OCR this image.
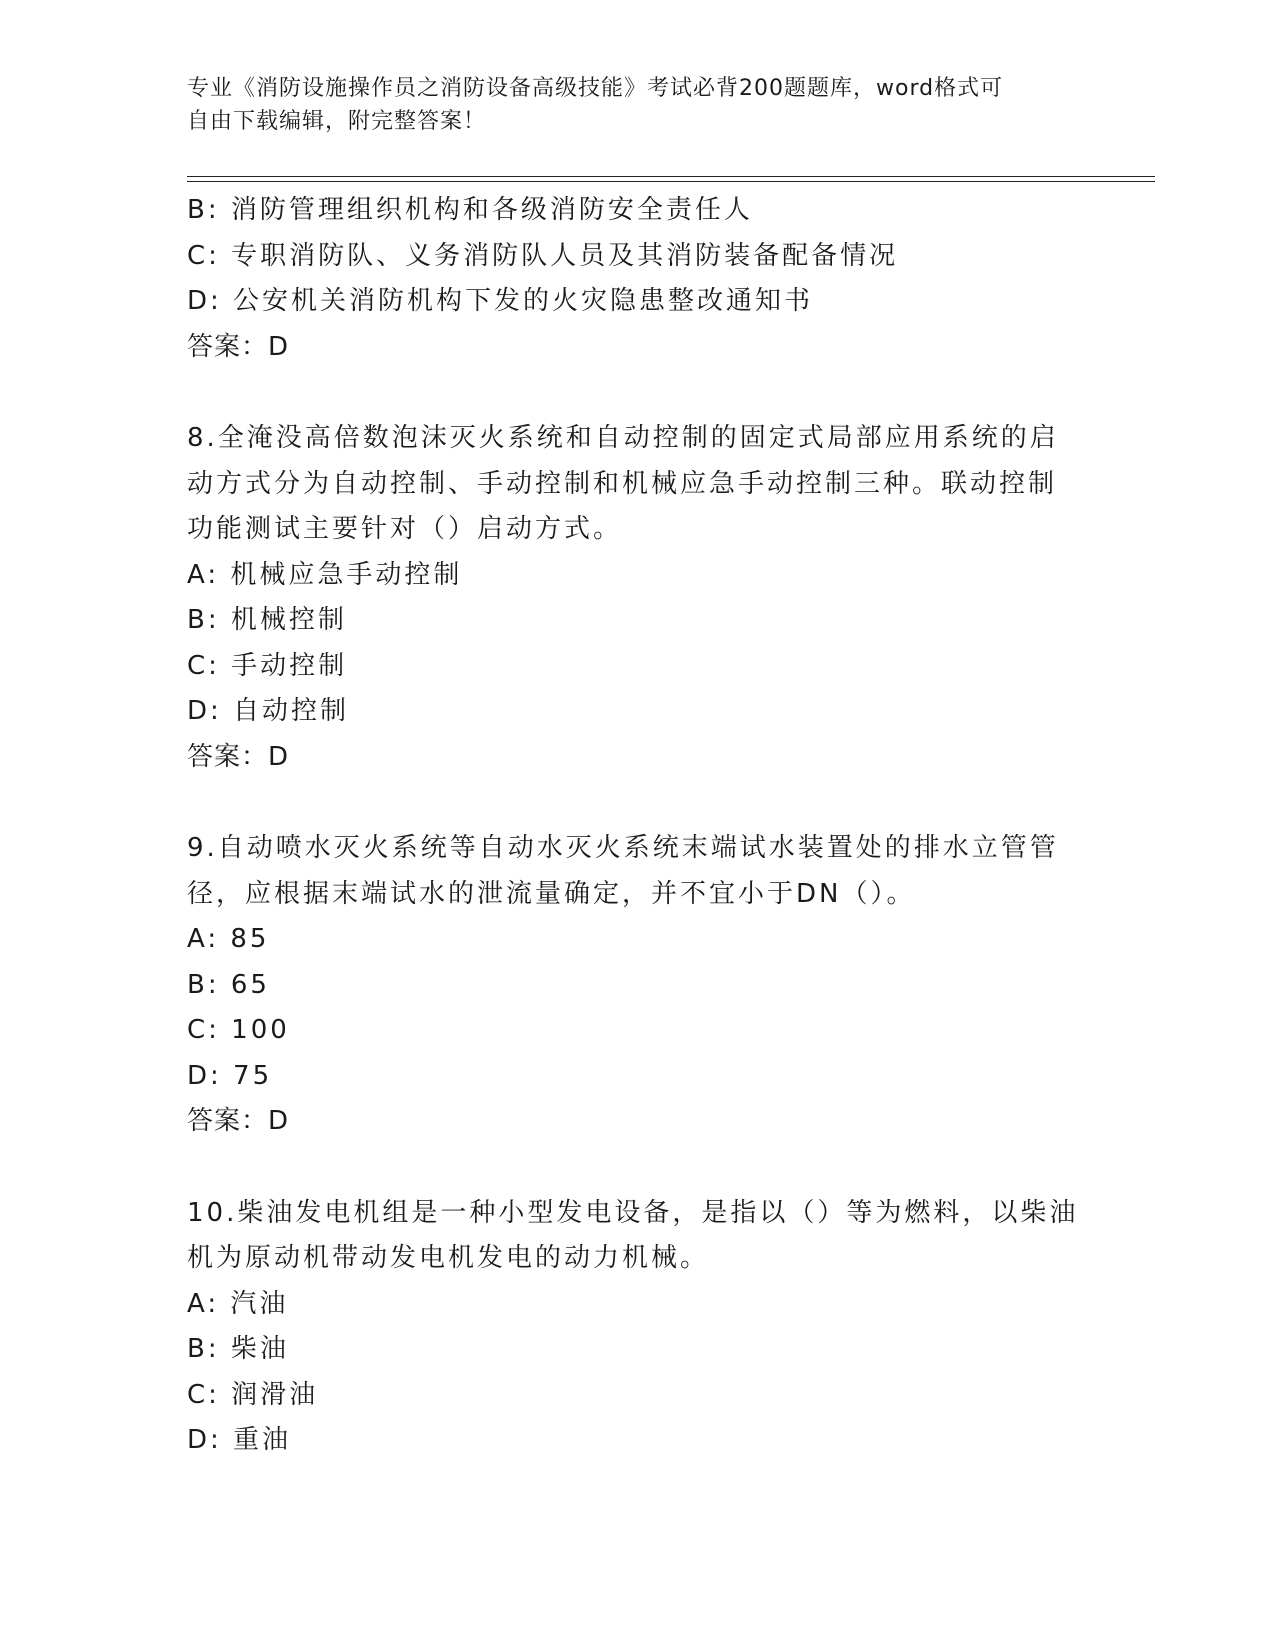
专业《消防设施操作员之消防设备高级技能》考试必背200题题库，word格式可
自由下载编辑，附完整答案！
B: 消防管理组织机构和各级消防安全责任人
C: 专职消防队、义务消防队人员及其消防装备配备情况
D: 公安机关消防机构下发的火灾隐患整改通知书
答案：D
8.全淹没高倍数泡沫灭火系统和自动控制的固定式局部应用系统的启
动方式分为自动控制、手动控制和机械应急手动控制三种。联动控制
功能测试主要针对（）启动方式。
A: 机械应急手动控制
B: 机械控制
C: 手动控制
D: 自动控制
答案：D
9.自动喷水灭火系统等自动水灭火系统末端试水装置处的排水立管管
径，应根据末端试水的泄流量确定，并不宜小于DN（）。
A: 85
B: 65
C: 100
D: 75
答案：D
10.柴油发电机组是一种小型发电设备，是指以（）等为燃料，以柴油
机为原动机带动发电机发电的动力机械。
A: 汽油
B: 柴油
C: 润滑油
D: 重油
